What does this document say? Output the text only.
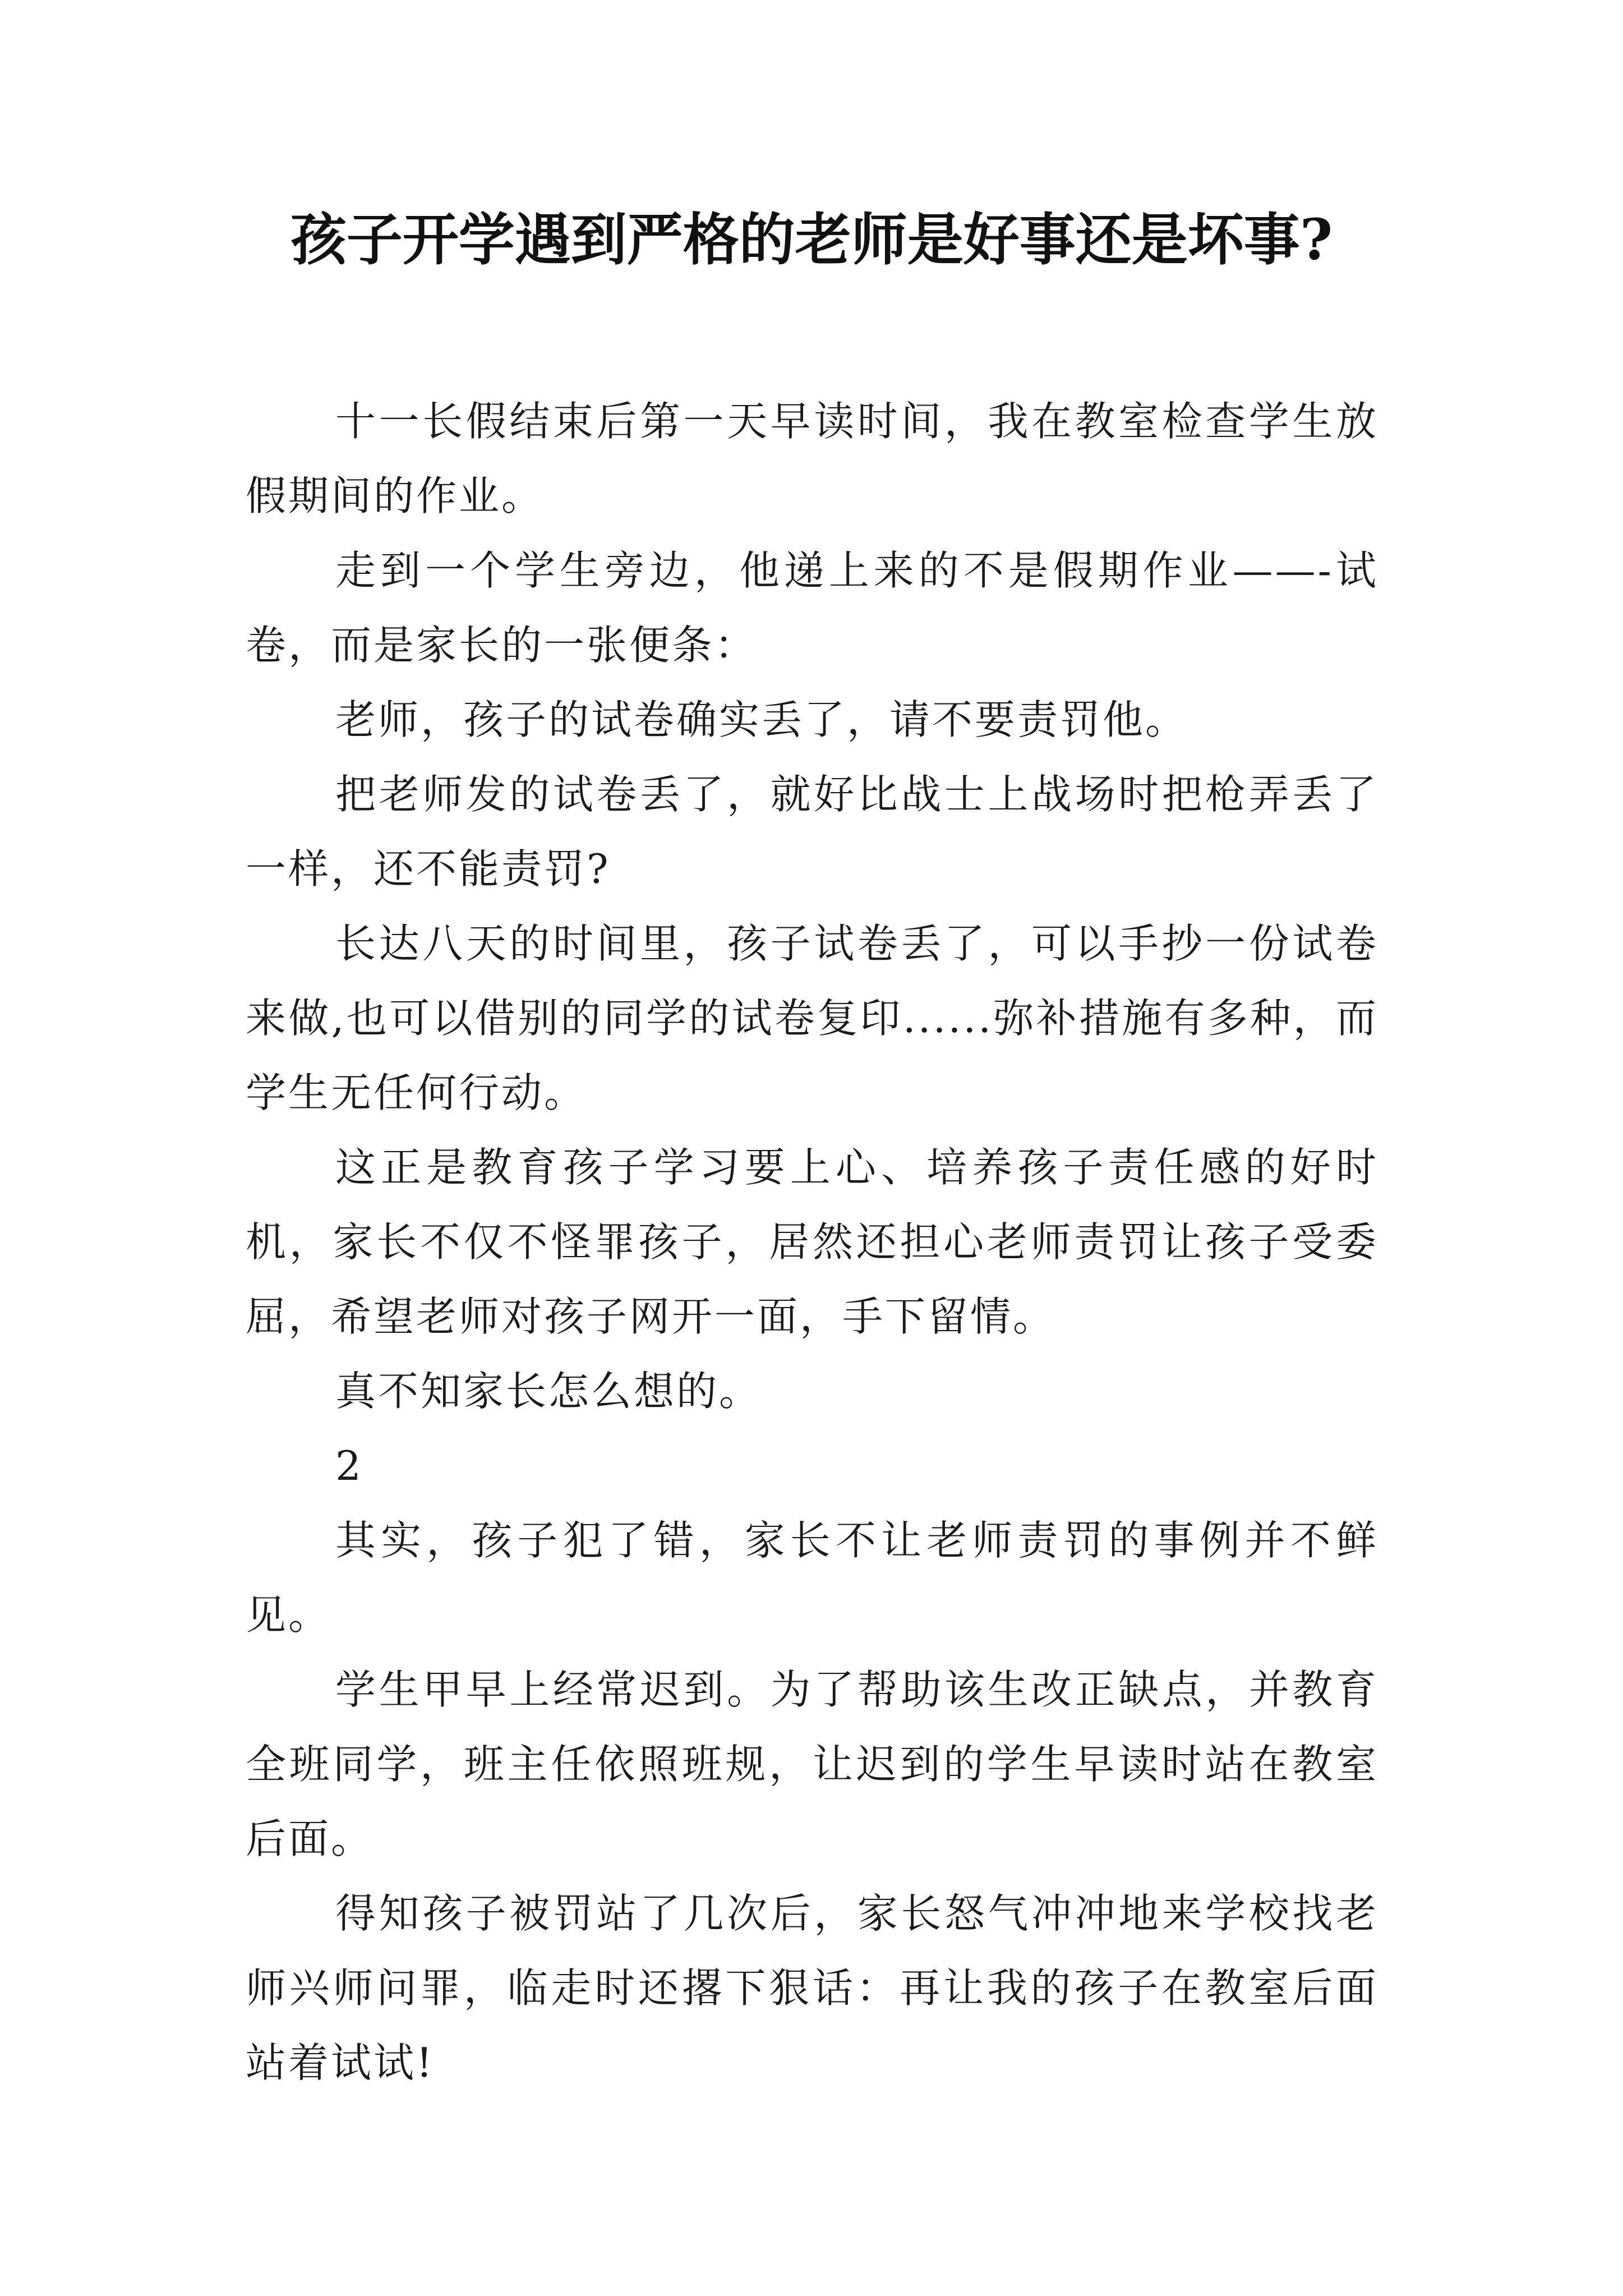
孩子开学遇到严格的老师是好事还是坏事?

十一长假结束后第一天早读时间，我在教室检查学生放假期间的作业。

走到一个学生旁边，他递上来的不是假期作业——-试卷，而是家长的一张便条：

老师，孩子的试卷确实丢了，请不要责罚他。

把老师发的试卷丢了，就好比战士上战场时把枪弄丢了一样，还不能责罚?

长达八天的时间里，孩子试卷丢了，可以手抄一份试卷来做,也可以借别的同学的试卷复印......弥补措施有多种，而学生无任何行动。

这正是教育孩子学习要上心、培养孩子责任感的好时机，家长不仅不怪罪孩子，居然还担心老师责罚让孩子受委屈，希望老师对孩子网开一面，手下留情。

真不知家长怎么想的。

2

其实，孩子犯了错，家长不让老师责罚的事例并不鲜见。

学生甲早上经常迟到。为了帮助该生改正缺点，并教育全班同学，班主任依照班规，让迟到的学生早读时站在教室后面。

得知孩子被罚站了几次后，家长怒气冲冲地来学校找老师兴师问罪，临走时还撂下狠话：再让我的孩子在教室后面站着试试!
